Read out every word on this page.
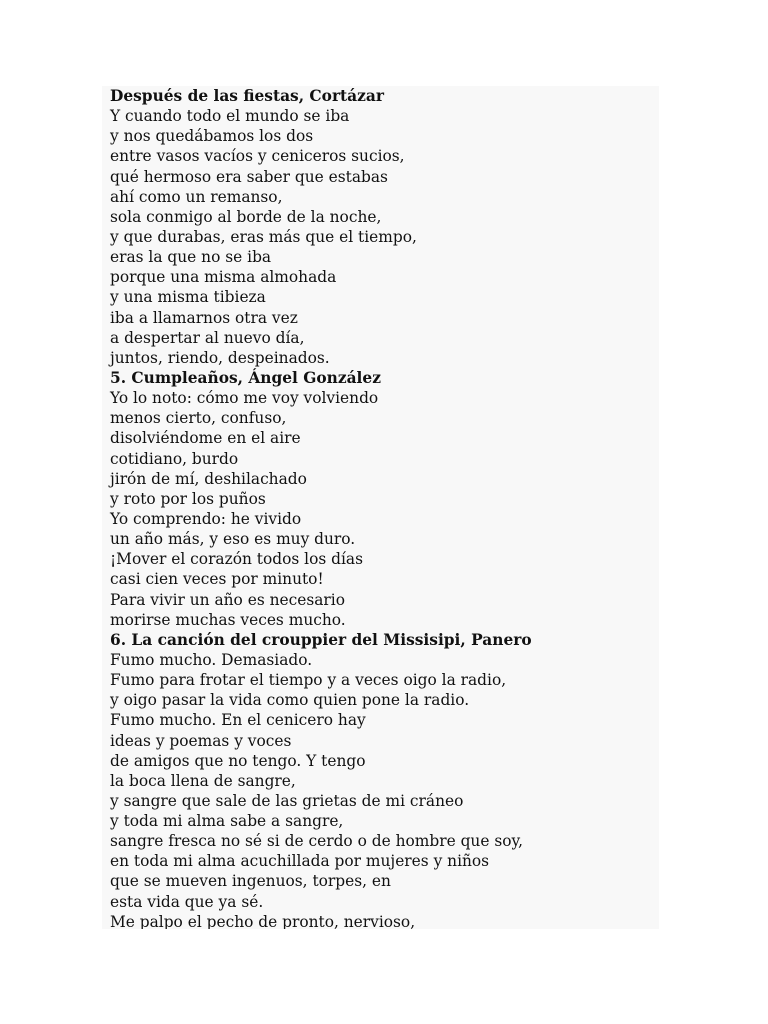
Después de las fiestas, Cortázar
Y cuando todo el mundo se iba
y nos quedábamos los dos
entre vasos vacíos y ceniceros sucios,
qué hermoso era saber que estabas
ahí como un remanso,
sola conmigo al borde de la noche,
y que durabas, eras más que el tiempo,
eras la que no se iba
porque una misma almohada
y una misma tibieza
iba a llamarnos otra vez
a despertar al nuevo día,
juntos, riendo, despeinados.
5. Cumpleaños, Ángel González
Yo lo noto: cómo me voy volviendo
menos cierto, confuso,
disolviéndome en el aire
cotidiano, burdo
jirón de mí, deshilachado
y roto por los puños
Yo comprendo: he vivido
un año más, y eso es muy duro.
¡Mover el corazón todos los días
casi cien veces por minuto!
Para vivir un año es necesario
morirse muchas veces mucho.
6. La canción del crouppier del Missisipi, Panero
Fumo mucho. Demasiado.
Fumo para frotar el tiempo y a veces oigo la radio,
y oigo pasar la vida como quien pone la radio.
Fumo mucho. En el cenicero hay
ideas y poemas y voces
de amigos que no tengo. Y tengo
la boca llena de sangre,
y sangre que sale de las grietas de mi cráneo
y toda mi alma sabe a sangre,
sangre fresca no sé si de cerdo o de hombre que soy,
en toda mi alma acuchillada por mujeres y niños
que se mueven ingenuos, torpes, en
esta vida que ya sé.
Me palpo el pecho de pronto, nervioso,
